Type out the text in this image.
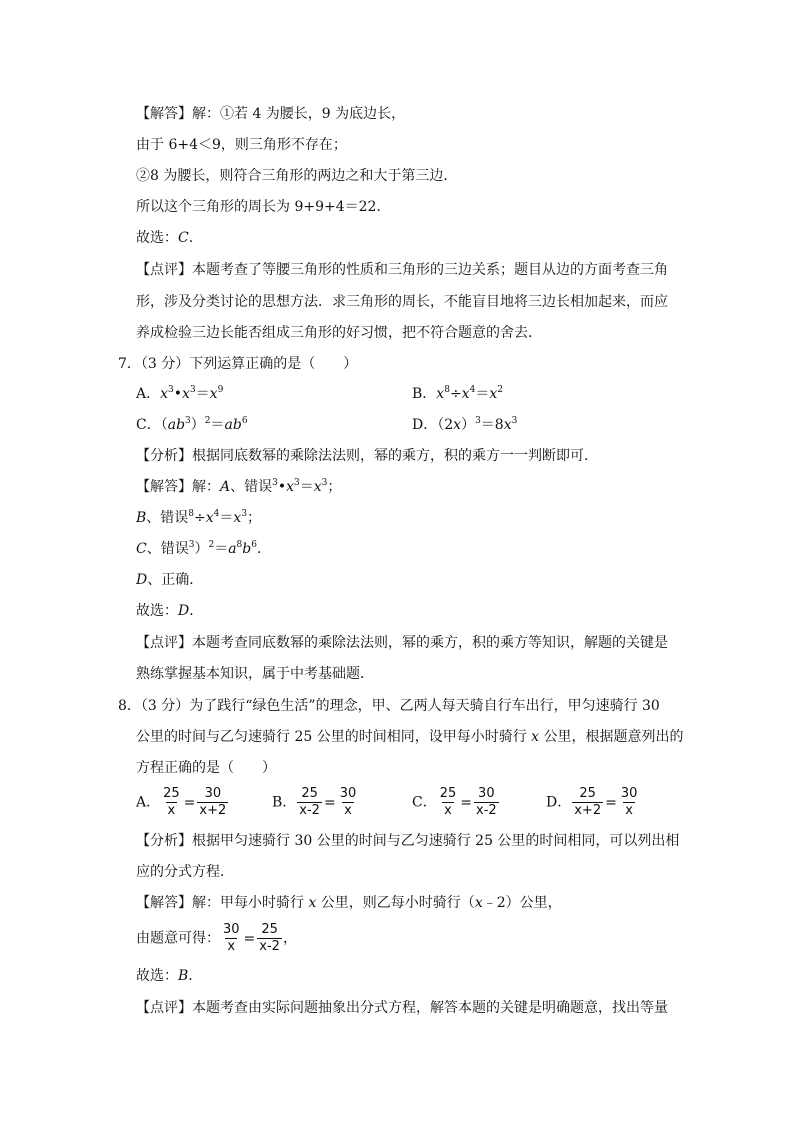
【解答】解：①若 4 为腰长，9 为底边长，
由于 6+4＜9，则三角形不存在；
②8 为腰长，则符合三角形的两边之和大于第三边．
所以这个三角形的周长为 9+9+4＝22．
故选：C．
【点评】本题考查了等腰三角形的性质和三角形的三边关系；题目从边的方面考查三角
形，涉及分类讨论的思想方法．求三角形的周长，不能盲目地将三边长相加起来，而应
养成检验三边长能否组成三角形的好习惯，把不符合题意的舍去．
7．（3 分）下列运算正确的是（　　）
A．$x^3•x^3=x^9$	B．$x^8\div x^4=x^2$
C．$(ab^3)^2=ab^6$	D．$(2x)^3=8x^3$
【分析】根据同底数幂的乘除法法则，幂的乘方，积的乘方一一判断即可．
【解答】解：A、错误$^3•x^3=x^3$；
B、错误$^8\div x^4=x^3$；
C、错误$^3)^2=a^8b^6$．
D、正确．
故选：D．
【点评】本题考查同底数幂的乘除法法则，幂的乘方，积的乘方等知识，解题的关键是
熟练掌握基本知识，属于中考基础题．
8．（3 分）为了践行“绿色生活”的理念，甲、乙两人每天骑自行车出行，甲匀速骑行 30
公里的时间与乙匀速骑行 25 公里的时间相同，设甲每小时骑行 x 公里，根据题意列出的
方程正确的是（　　）
A． $\frac{25}{x} = \frac{30}{x+2}$	B． $\frac{25}{x-2} = \frac{30}{x}$	C． $\frac{25}{x} = \frac{30}{x-2}$	D． $\frac{25}{x+2} = \frac{30}{x}$
【分析】根据甲匀速骑行 30 公里的时间与乙匀速骑行 25 公里的时间相同，可以列出相
应的分式方程．
【解答】解：甲每小时骑行 x 公里，则乙每小时骑行（x﹣2）公里，
由题意可得： $\frac{30}{x} = \frac{25}{x-2}$ ，
故选：B．
【点评】本题考查由实际问题抽象出分式方程，解答本题的关键是明确题意，找出等量
